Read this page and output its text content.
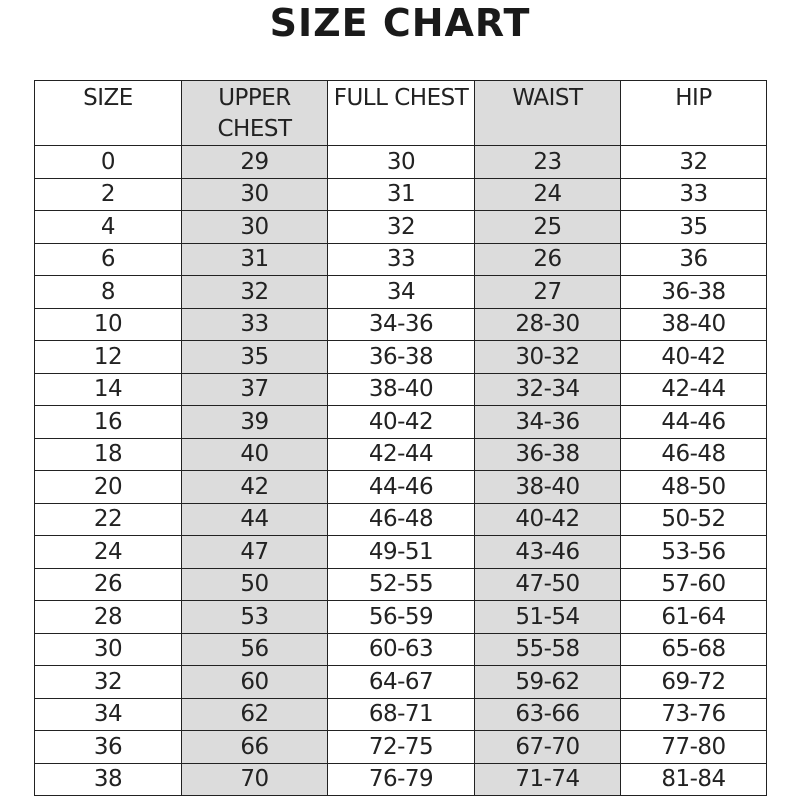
SIZE CHART
SIZE	UPPER CHEST	FULL CHEST	WAIST	HIP
0	29	30	23	32
2	30	31	24	33
4	30	32	25	35
6	31	33	26	36
8	32	34	27	36-38
10	33	34-36	28-30	38-40
12	35	36-38	30-32	40-42
14	37	38-40	32-34	42-44
16	39	40-42	34-36	44-46
18	40	42-44	36-38	46-48
20	42	44-46	38-40	48-50
22	44	46-48	40-42	50-52
24	47	49-51	43-46	53-56
26	50	52-55	47-50	57-60
28	53	56-59	51-54	61-64
30	56	60-63	55-58	65-68
32	60	64-67	59-62	69-72
34	62	68-71	63-66	73-76
36	66	72-75	67-70	77-80
38	70	76-79	71-74	81-84
